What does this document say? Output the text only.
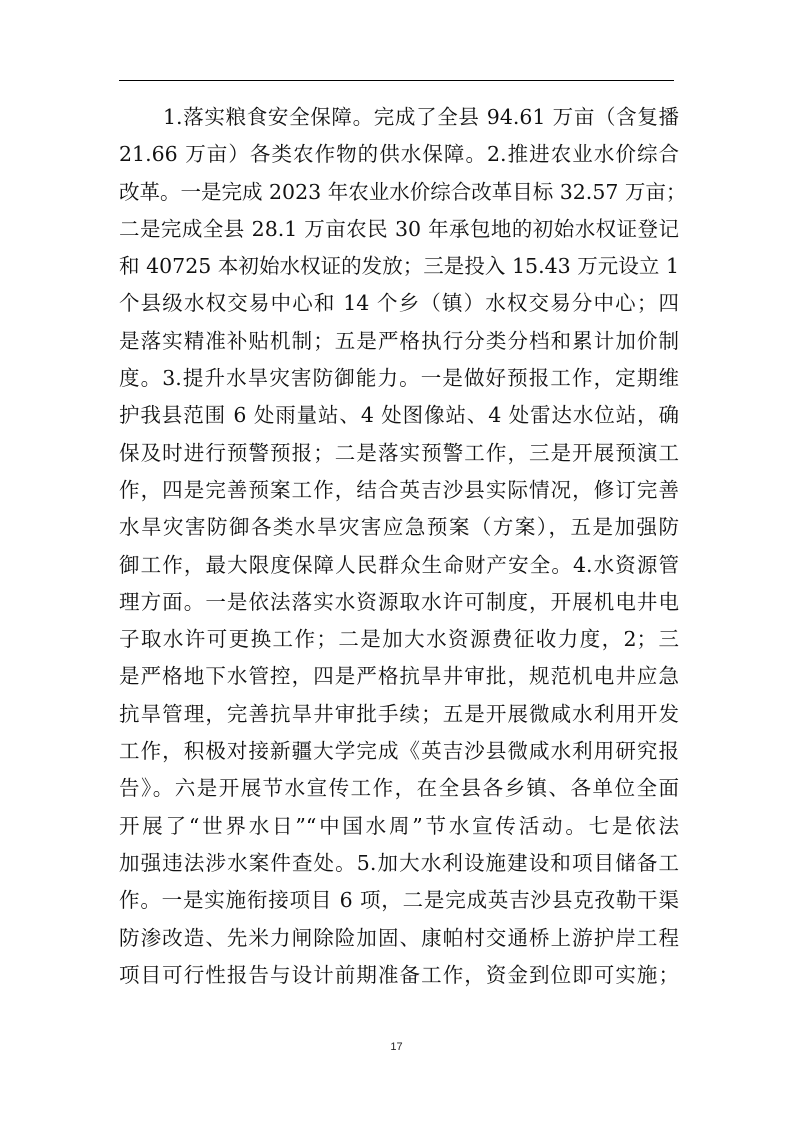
1.落实粮食安全保障。完成了全县 94.61 万亩（含复播
21.66 万亩）各类农作物的供水保障。2.推进农业水价综合
改革。一是完成 2023 年农业水价综合改革目标 32.57 万亩；
二是完成全县 28.1 万亩农民 30 年承包地的初始水权证登记
和 40725 本初始水权证的发放；三是投入 15.43 万元设立 1
个县级水权交易中心和 14 个乡（镇）水权交易分中心；四
是落实精准补贴机制；五是严格执行分类分档和累计加价制
度。3.提升水旱灾害防御能力。一是做好预报工作，定期维
护我县范围 6 处雨量站、4 处图像站、4 处雷达水位站，确
保及时进行预警预报；二是落实预警工作，三是开展预演工
作，四是完善预案工作，结合英吉沙县实际情况，修订完善
水旱灾害防御各类水旱灾害应急预案（方案），五是加强防
御工作，最大限度保障人民群众生命财产安全。4.水资源管
理方面。一是依法落实水资源取水许可制度，开展机电井电
子取水许可更换工作；二是加大水资源费征收力度，2；三
是严格地下水管控，四是严格抗旱井审批，规范机电井应急
抗旱管理，完善抗旱井审批手续；五是开展微咸水利用开发
工作，积极对接新疆大学完成《英吉沙县微咸水利用研究报
告》。六是开展节水宣传工作，在全县各乡镇、各单位全面
开展了“世界水日”“中国水周”节水宣传活动。七是依法
加强违法涉水案件查处。5.加大水利设施建设和项目储备工
作。一是实施衔接项目 6 项，二是完成英吉沙县克孜勒干渠
防渗改造、先米力闸除险加固、康帕村交通桥上游护岸工程
项目可行性报告与设计前期准备工作，资金到位即可实施；
17
